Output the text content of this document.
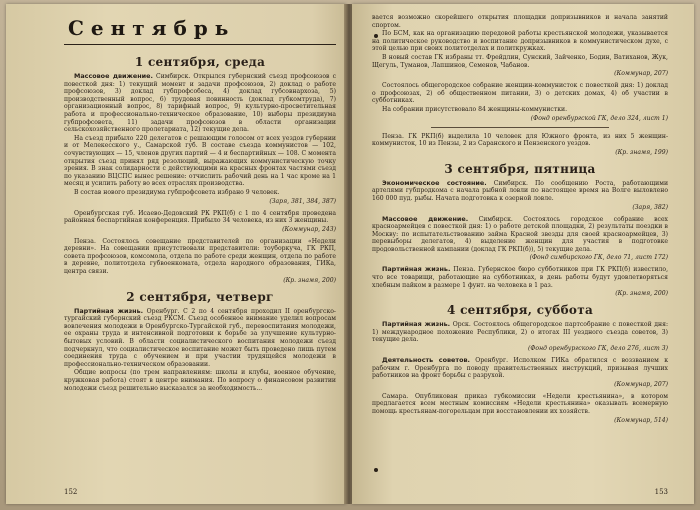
Сентябрь
1 сентября, среда

Массовое движение. Симбирск. Открылся губернский съезд профсоюзов с повесткой дня: 1) текущий момент и задачи профсоюзов, 2) доклад о работе профсоюзов, 3) доклад губпрофсобеса, 4) доклад губсовнархоза, 5) производственный вопрос, 6) трудовая повинность (доклад губкомтруда), 7) организационный вопрос, 8) тарифный вопрос, 9) культурно-просветительная работа и профессионально-техническое образование, 10) выборы президиума губпрофсовета, 11) задачи профсоюзов в области организации сельскохозяйственного пролетариата, 12) текущие дела.

На съезд прибыло 220 делегатов с решающим голосом от всех уездов губернии и от Мелекесского у., Самарской губ. В составе съезда коммунистов — 102, сочувствующих — 15, членов других партий — 4 и беспартийных — 108. С момента открытия съезд принял ряд резолюций, выражающих коммунистическую точку зрения. В знак солидарности с действующими на красных фронтах частями съезд по указанию ВЦСПС вынес решение: отчислить рабочий день на 1 час кроме на 1 месяц и усилить работу во всех отраслях производства.

В состав нового президиума губпрофсовета избрано 9 человек.

(Заря, 381, 384, 387)

Оренбургская губ. Исаево-Дедовский РК РКП(б) с 1 по 4 сентября проведена районная беспартийная конференция. Прибыло 34 человека, из них 3 женщины.

(Коммунар, 243)

Пенза. Состоялось совещание представителей по организации «Недели деревни». На совещании присутствовали представители: тоуборкуча, ГК РКП, совета профсоюзов, комсомола, отдела по работе среди женщин, отдела по работе в деревне, политотдела губвоенкомата, отдела народного образования, ГИКа, центра связи.

(Кр. знамя, 200)
2 сентября, четверг

Партийная жизнь. Оренбург. С 2 по 4 сентября проходил II оренбургско-тургайский губернский съезд РКСМ. Съезд особенное внимание уделил вопросам вовлечения молодежи в Оренбургско-Тургайской губ., перевоспитания молодежи, ее охраны труда и интенсивной подготовки к борьбе за улучшение культурно-бытовых условий. В области социалистического воспитания молодежи съезд подчеркнул, что социалистическое воспитание может быть проведено лишь путем соединения труда с обучением и при участии трудящейся молодежи в профессионально-техническом образовании.

Общие вопросы (по трем направлениям: школы и клубы, военное обучение, кружковая работа) стоят в центре внимания. По вопросу о финансовом развитии молодежи съезд решительно высказался за необходимость...

152

вается возможно скорейшего открытия площадки допризывников и начала занятий спортом.

По БСМ, как на организацию передовой работы крестьянской молодежи, указывается на политическое руководство и воспитание допризывников в коммунистическом духе, с этой целью при своих политотделах и политкружках.

В новый состав ГК избраны тт. Фрейдлин, Сунский, Зайченко, Бодин, Ватиханов, Жук, Щегуль, Туманов, Лапшинов, Семенов, Чабанов.

(Коммунар, 207)

Состоялось общегородское собрание женщин-коммунисток с повесткой дня: 1) доклад о профсоюзах, 2) об общественном питании, 3) о детских домах, 4) об участии в субботниках.

На собрании присутствовало 84 женщины-коммунистки.

(Фонд оренбургской ГК, дело 324, лист 1)

Пенза. ГК РКП(б) выделила 10 человек для Южного фронта, из них 5 женщин-коммунисток, 10 из Пензы, 2 из Саранского и Пензенского уездов.

(Кр. знамя, 199)
3 сентября, пятница

Экономическое состояние. Симбирск. По сообщению Роста, работающими артелями губпродкома с начала рыбной ловли по настоящее время на Волге выловлено 160 000 пуд. рыбы. Начата подготовка к озерной ловле.

(Заря, 382)

Массовое движение. Симбирск. Состоялось городское собрание всех красноармейцев с повесткой дня: 1) о работе детской площадки, 2) результаты поездки в Москву: по испытательствованию займа Красной звезды для своей красноармейцев, 3) перевыборы делегатов, 4) выделение женщин для участия в подготовке продовольственной кампании (доклад ГК РКП(б)), 5) текущие дела.

(Фонд симбирского ГК, дело 71, лист 172)

Партийная жизнь. Пенза. Губернское бюро субботников при ГК РКП(б) известило, что все товарищи, работающие на субботниках, в день работы будут удовлетворяться хлебным пайком в размере 1 фунт. на человека в 1 раз.

(Кр. знамя, 200)
4 сентября, суббота

Партийная жизнь. Орск. Состоялось общегородское партсобрание с повесткой дня: 1) международное положение Республики, 2) о итогах III уездного съезда советов, 3) текущие дела.

(Фонд оренбургского ГК, дело 276, лист 3)

Деятельность советов. Оренбург. Исполком ГИКа обратился с воззванием к рабочим г. Оренбурга по поводу правительственных инструкций, призывая лучших работников на фронт борьбы с разрухой.

(Коммунар, 207)

Самара. Опубликован приказ губкомиссии «Недели крестьянина», в котором предлагается всем местным комиссиям «Недели крестьянина» оказывать всемерную помощь крестьянам-погорельцам при восстановлении их хозяйств.

(Коммунар, 514)
153
